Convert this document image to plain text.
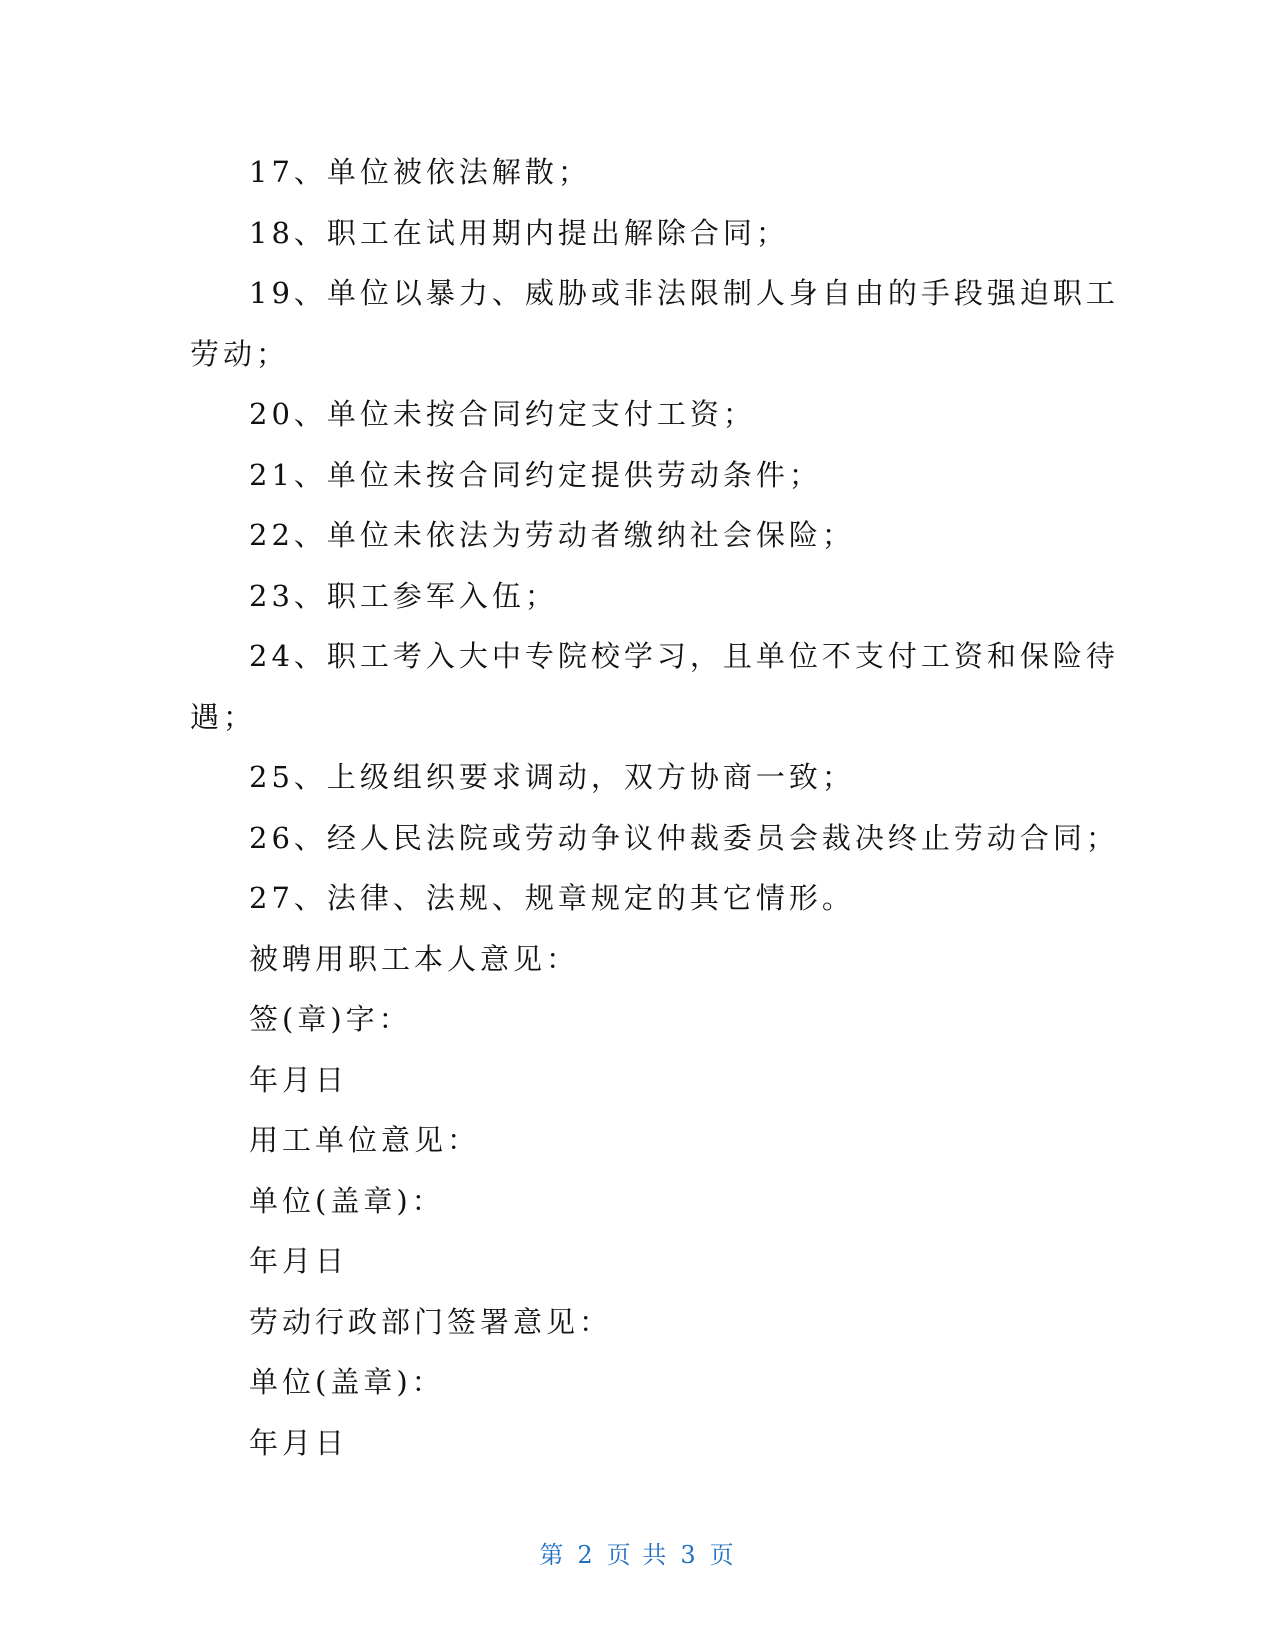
17、单位被依法解散；
18、职工在试用期内提出解除合同；
19、单位以暴力、威胁或非法限制人身自由的手段强迫职工
劳动；
20、单位未按合同约定支付工资；
21、单位未按合同约定提供劳动条件；
22、单位未依法为劳动者缴纳社会保险；
23、职工参军入伍；
24、职工考入大中专院校学习，且单位不支付工资和保险待
遇；
25、上级组织要求调动，双方协商一致；
26、经人民法院或劳动争议仲裁委员会裁决终止劳动合同；
27、法律、法规、规章规定的其它情形。
被聘用职工本人意见：
签(章)字：
年月日
用工单位意见：
单位(盖章)：
年月日
劳动行政部门签署意见：
单位(盖章)：
年月日
第 2 页 共 3 页
